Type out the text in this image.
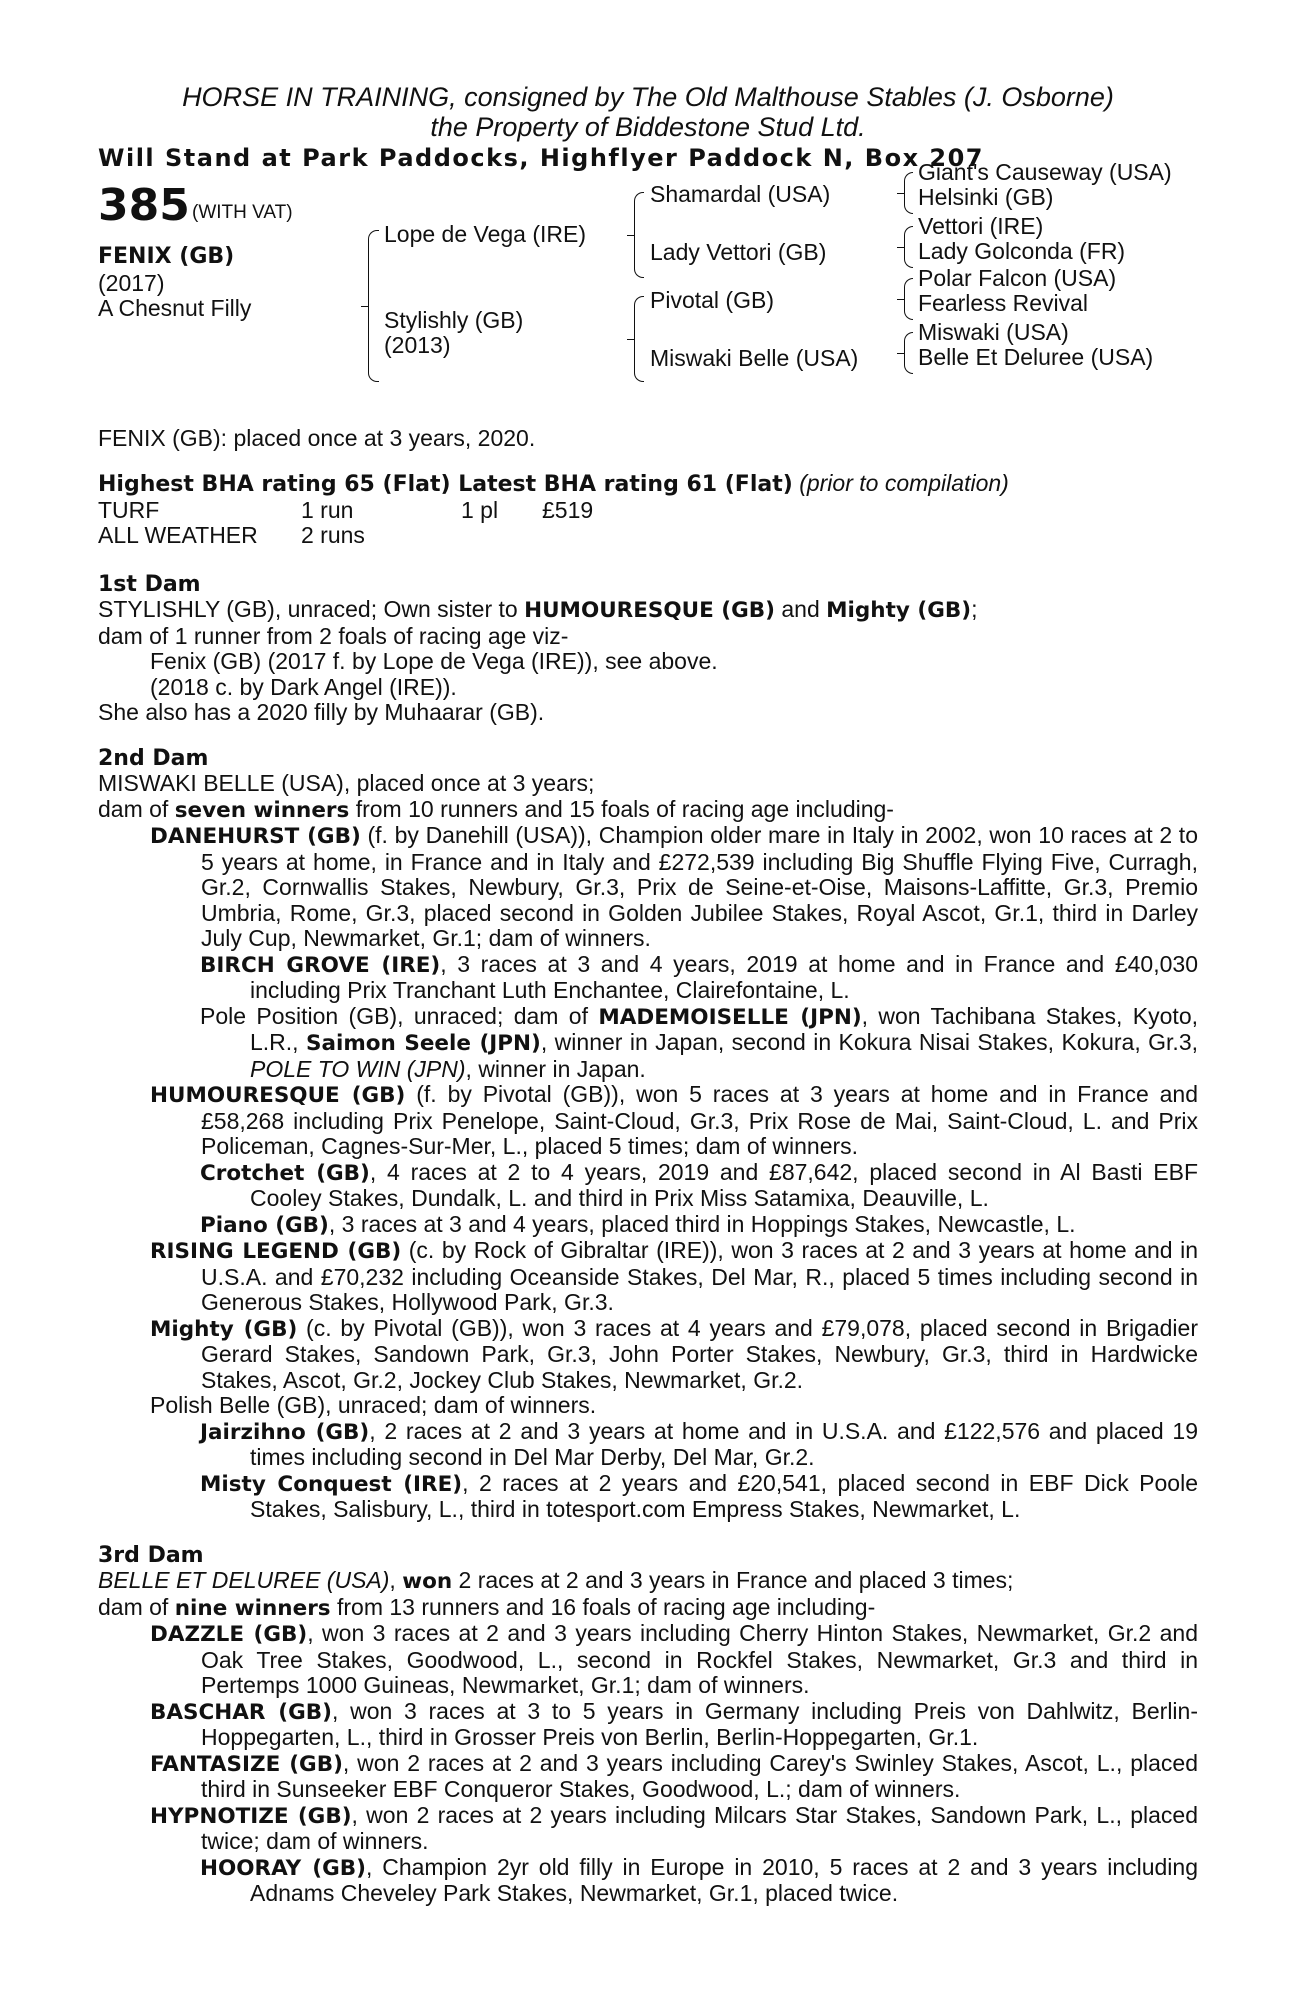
HORSE IN TRAINING, consigned by The Old Malthouse Stables (J. Osborne)
the Property of Biddestone Stud Ltd.
Will Stand at Park Paddocks, Highflyer Paddock N, Box 207
385 (WITH VAT)
FENIX (GB)
(2017)
A Chesnut Filly
Lope de Vega (IRE)
Stylishly (GB)
(2013)
Shamardal (USA)
Lady Vettori (GB)
Pivotal (GB)
Miswaki Belle (USA)
Giant's Causeway (USA)
Helsinki (GB)
Vettori (IRE)
Lady Golconda (FR)
Polar Falcon (USA)
Fearless Revival
Miswaki (USA)
Belle Et Deluree (USA)
FENIX (GB): placed once at 3 years, 2020.
Highest BHA rating 65 (Flat) Latest BHA rating 61 (Flat) (prior to compilation)
TURF	1 run	1 pl £519
ALL WEATHER 2 runs
1st Dam

STYLISHLY (GB), unraced; Own sister to HUMOURESQUE (GB) and Mighty (GB);

dam of 1 runner from 2 foals of racing age viz-

Fenix (GB) (2017 f. by Lope de Vega (IRE)), see above.

(2018 c. by Dark Angel (IRE)).

She also has a 2020 filly by Muhaarar (GB).

2nd Dam

MISWAKI BELLE (USA), placed once at 3 years;

dam of seven winners from 10 runners and 15 foals of racing age including-

DANEHURST (GB) (f. by Danehill (USA)), Champion older mare in Italy in 2002, won 10 races at 2 to 5 years at home, in France and in Italy and £272,539 including Big Shuffle Flying Five, Curragh, Gr.2, Cornwallis Stakes, Newbury, Gr.3, Prix de Seine-et-Oise, Maisons-Laffitte, Gr.3, Premio Umbria, Rome, Gr.3, placed second in Golden Jubilee Stakes, Royal Ascot, Gr.1, third in Darley July Cup, Newmarket, Gr.1; dam of winners.

BIRCH GROVE (IRE), 3 races at 3 and 4 years, 2019 at home and in France and £40,030 including Prix Tranchant Luth Enchantee, Clairefontaine, L.

Pole Position (GB), unraced; dam of MADEMOISELLE (JPN), won Tachibana Stakes, Kyoto, L.R., Saimon Seele (JPN), winner in Japan, second in Kokura Nisai Stakes, Kokura, Gr.3, POLE TO WIN (JPN), winner in Japan.

HUMOURESQUE (GB) (f. by Pivotal (GB)), won 5 races at 3 years at home and in France and £58,268 including Prix Penelope, Saint-Cloud, Gr.3, Prix Rose de Mai, Saint-Cloud, L. and Prix Policeman, Cagnes-Sur-Mer, L., placed 5 times; dam of winners.

Crotchet (GB), 4 races at 2 to 4 years, 2019 and £87,642, placed second in Al Basti EBF Cooley Stakes, Dundalk, L. and third in Prix Miss Satamixa, Deauville, L.

Piano (GB), 3 races at 3 and 4 years, placed third in Hoppings Stakes, Newcastle, L.

RISING LEGEND (GB) (c. by Rock of Gibraltar (IRE)), won 3 races at 2 and 3 years at home and in U.S.A. and £70,232 including Oceanside Stakes, Del Mar, R., placed 5 times including second in Generous Stakes, Hollywood Park, Gr.3.

Mighty (GB) (c. by Pivotal (GB)), won 3 races at 4 years and £79,078, placed second in Brigadier Gerard Stakes, Sandown Park, Gr.3, John Porter Stakes, Newbury, Gr.3, third in Hardwicke Stakes, Ascot, Gr.2, Jockey Club Stakes, Newmarket, Gr.2.

Polish Belle (GB), unraced; dam of winners.

Jairzihno (GB), 2 races at 2 and 3 years at home and in U.S.A. and £122,576 and placed 19 times including second in Del Mar Derby, Del Mar, Gr.2.

Misty Conquest (IRE), 2 races at 2 years and £20,541, placed second in EBF Dick Poole Stakes, Salisbury, L., third in totesport.com Empress Stakes, Newmarket, L.

3rd Dam

BELLE ET DELUREE (USA), won 2 races at 2 and 3 years in France and placed 3 times;

dam of nine winners from 13 runners and 16 foals of racing age including-

DAZZLE (GB), won 3 races at 2 and 3 years including Cherry Hinton Stakes, Newmarket, Gr.2 and Oak Tree Stakes, Goodwood, L., second in Rockfel Stakes, Newmarket, Gr.3 and third in Pertemps 1000 Guineas, Newmarket, Gr.1; dam of winners.

BASCHAR (GB), won 3 races at 3 to 5 years in Germany including Preis von Dahlwitz, Berlin-Hoppegarten, L., third in Grosser Preis von Berlin, Berlin-Hoppegarten, Gr.1.

FANTASIZE (GB), won 2 races at 2 and 3 years including Carey's Swinley Stakes, Ascot, L., placed third in Sunseeker EBF Conqueror Stakes, Goodwood, L.; dam of winners.

HYPNOTIZE (GB), won 2 races at 2 years including Milcars Star Stakes, Sandown Park, L., placed twice; dam of winners.

HOORAY (GB), Champion 2yr old filly in Europe in 2010, 5 races at 2 and 3 years including Adnams Cheveley Park Stakes, Newmarket, Gr.1, placed twice.
